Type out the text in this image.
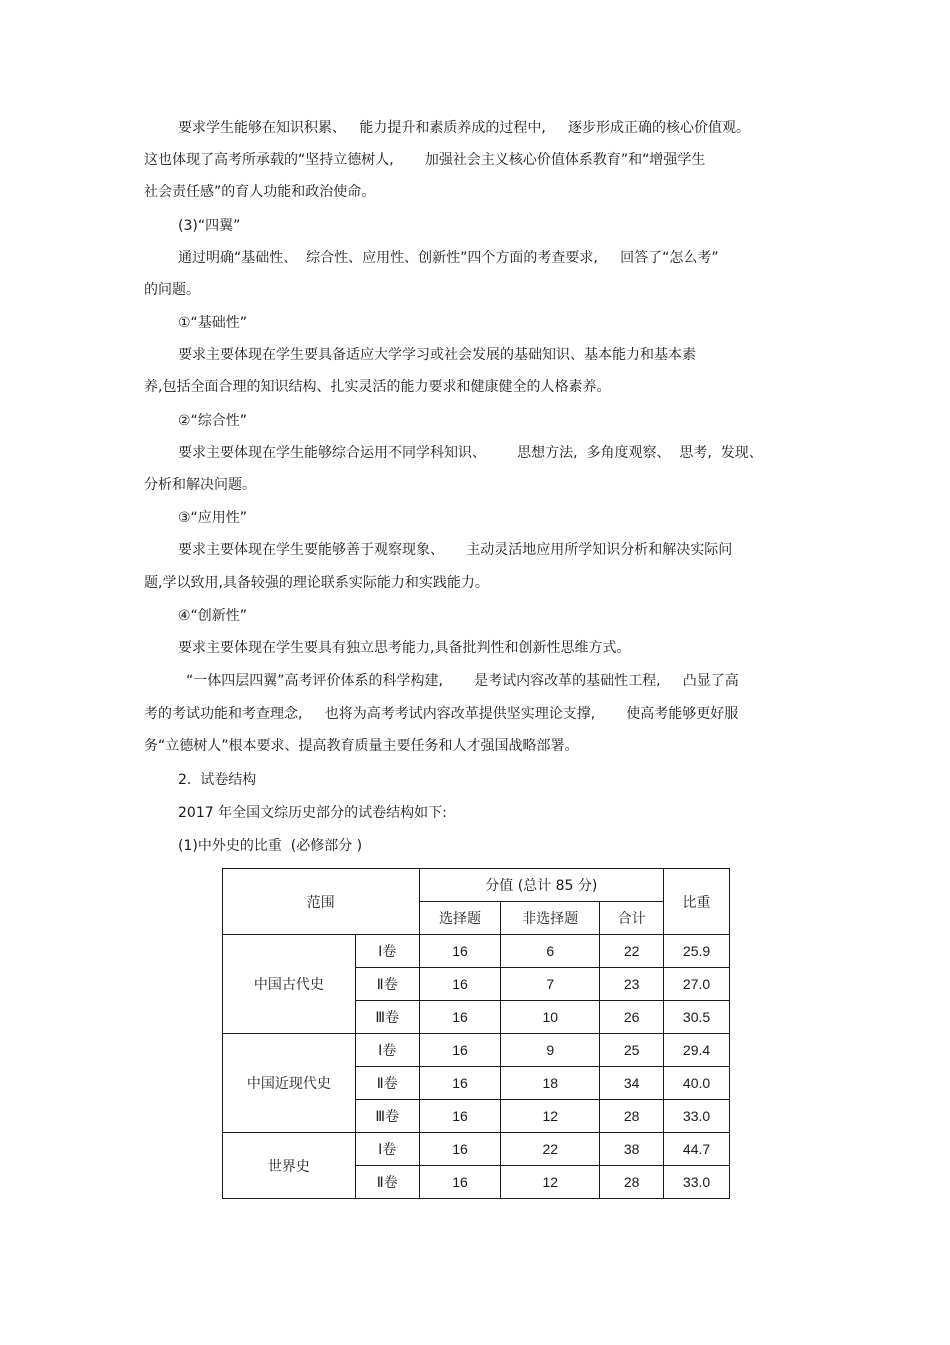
要求学生能够在知识积累、   能力提升和素质养成的过程中,     逐步形成正确的核心价值观。
这也体现了高考所承载的“坚持立德树人,       加强社会主义核心价值体系教育”和“增强学生
社会责任感”的育人功能和政治使命。
(3)“四翼”
通过明确“基础性、  综合性、应用性、创新性”四个方面的考查要求,     回答了“怎么考”
的问题。
①“基础性”
要求主要体现在学生要具备适应大学学习或社会发展的基础知识、基本能力和基本素
养,包括全面合理的知识结构、扎实灵活的能力要求和健康健全的人格素养。
②“综合性”
要求主要体现在学生能够综合运用不同学科知识、       思想方法,  多角度观察、  思考,  发现、
分析和解决问题。
③“应用性”
要求主要体现在学生要能够善于观察现象、     主动灵活地应用所学知识分析和解决实际问
题,学以致用,具备较强的理论联系实际能力和实践能力。
④“创新性”
要求主要体现在学生要具有独立思考能力,具备批判性和创新性思维方式。
“一体四层四翼”高考评价体系的科学构建,       是考试内容改革的基础性工程,     凸显了高
考的考试功能和考查理念,     也将为高考考试内容改革提供坚实理论支撑,       使高考能够更好服
务“立德树人”根本要求、提高教育质量主要任务和人才强国战略部署。
2.  试卷结构
2017 年全国文综历史部分的试卷结构如下:
(1)中外史的比重  (必修部分 )
范围		分值 (总计 85 分)			比重
		选择题	非选择题	合计	
中国古代史	Ⅰ卷	16	6	22	25.9
	Ⅱ卷	16	7	23	27.0
	Ⅲ卷	16	10	26	30.5
中国近现代史	Ⅰ卷	16	9	25	29.4
	Ⅱ卷	16	18	34	40.0
	Ⅲ卷	16	12	28	33.0
世界史	Ⅰ卷	16	22	38	44.7
	Ⅱ卷	16	12	28	33.0
